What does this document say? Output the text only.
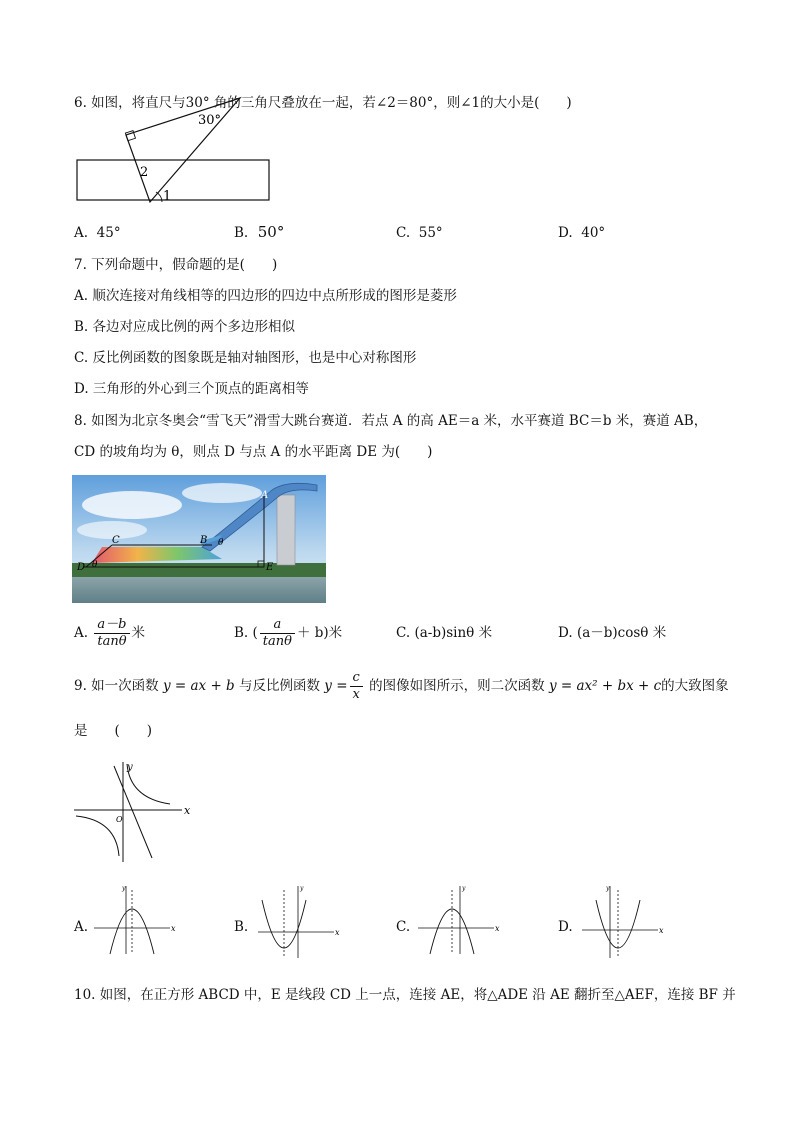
6. 如图，将直尺与30° 角的三角尺叠放在一起，若∠2＝80°，则∠1的大小是(　　)
30°
2
1
A. 45°	B. 50°	C. 55°	D. 40°
7. 下列命题中，假命题的是(　　)
A. 顺次连接对角线相等的四边形的四边中点所形成的图形是菱形
B. 各边对应成比例的两个多边形相似
C. 反比例函数的图象既是轴对轴图形，也是中心对称图形
D. 三角形的外心到三个顶点的距离相等
8. 如图为北京冬奥会“雪飞天”滑雪大跳台赛道．若点 A 的高 AE＝a 米，水平赛道 BC＝b 米，赛道 AB，
CD 的坡角均为 θ，则点 D 与点 A 的水平距离 DE 为(　　)
A
B
C
D	E
θ
θ
A. $\frac{a-b}{\tan\theta}$ 米	B. ( $\frac{a}{\tan\theta} + b$)米	C. (a-b)sinθ 米	D. (a－b)cosθ 米
9. 如一次函数 y = ax + b 与反比例函数 $y = \frac{c}{x}$ 的图像如图所示，则二次函数 y = ax² + bx + c的大致图象
是　　(　　)
y
x
O
A.	x
y
B.	x
y
C.	x
y
D.	x
y
10. 如图，在正方形 ABCD 中，E 是线段 CD 上一点，连接 AE，将△ADE 沿 AE 翻折至△AEF，连接 BF 并
